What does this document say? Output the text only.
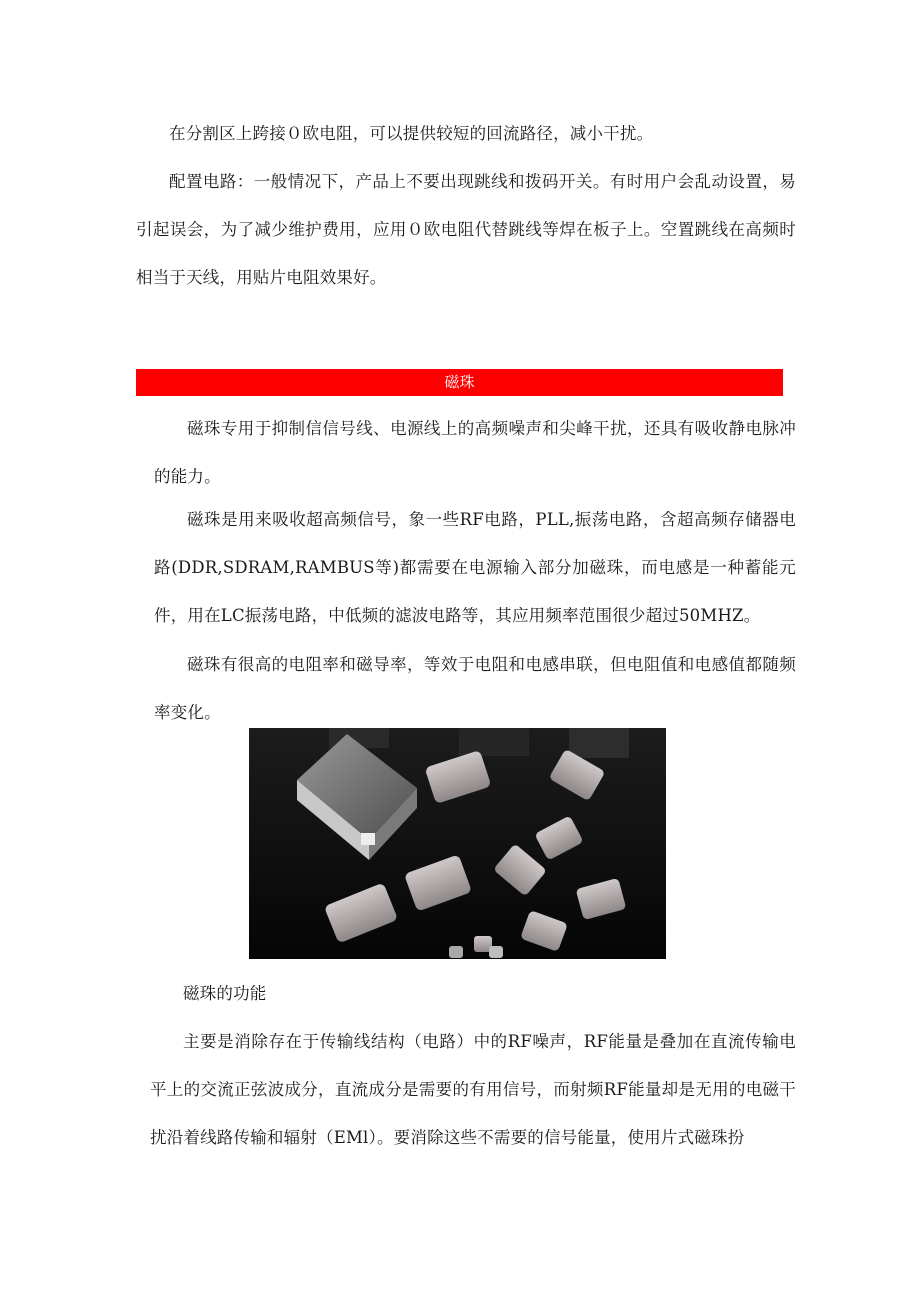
在分割区上跨接０欧电阻，可以提供较短的回流路径，减小干扰。

配置电路：一般情况下，产品上不要出现跳线和拨码开关。有时用户会乱动设置，易引起误会，为了减少维护费用，应用０欧电阻代替跳线等焊在板子上。空置跳线在高频时相当于天线，用贴片电阻效果好。

磁珠

磁珠专用于抑制信信号线、电源线上的高频噪声和尖峰干扰，还具有吸收静电脉冲的能力。

磁珠是用来吸收超高频信号，象一些RF电路，PLL,振荡电路，含超高频存储器电路(DDR,SDRAM,RAMBUS等)都需要在电源输入部分加磁珠，而电感是一种蓄能元件，用在LC振荡电路，中低频的滤波电路等，其应用频率范围很少超过50MHZ。

磁珠有很高的电阻率和磁导率，等效于电阻和电感串联，但电阻值和电感值都随频率变化。

磁珠的功能

主要是消除存在于传输线结构（电路）中的RF噪声，RF能量是叠加在直流传输电平上的交流正弦波成分，直流成分是需要的有用信号，而射频RF能量却是无用的电磁干扰沿着线路传输和辐射（EMl）。要消除这些不需要的信号能量，使用片式磁珠扮
